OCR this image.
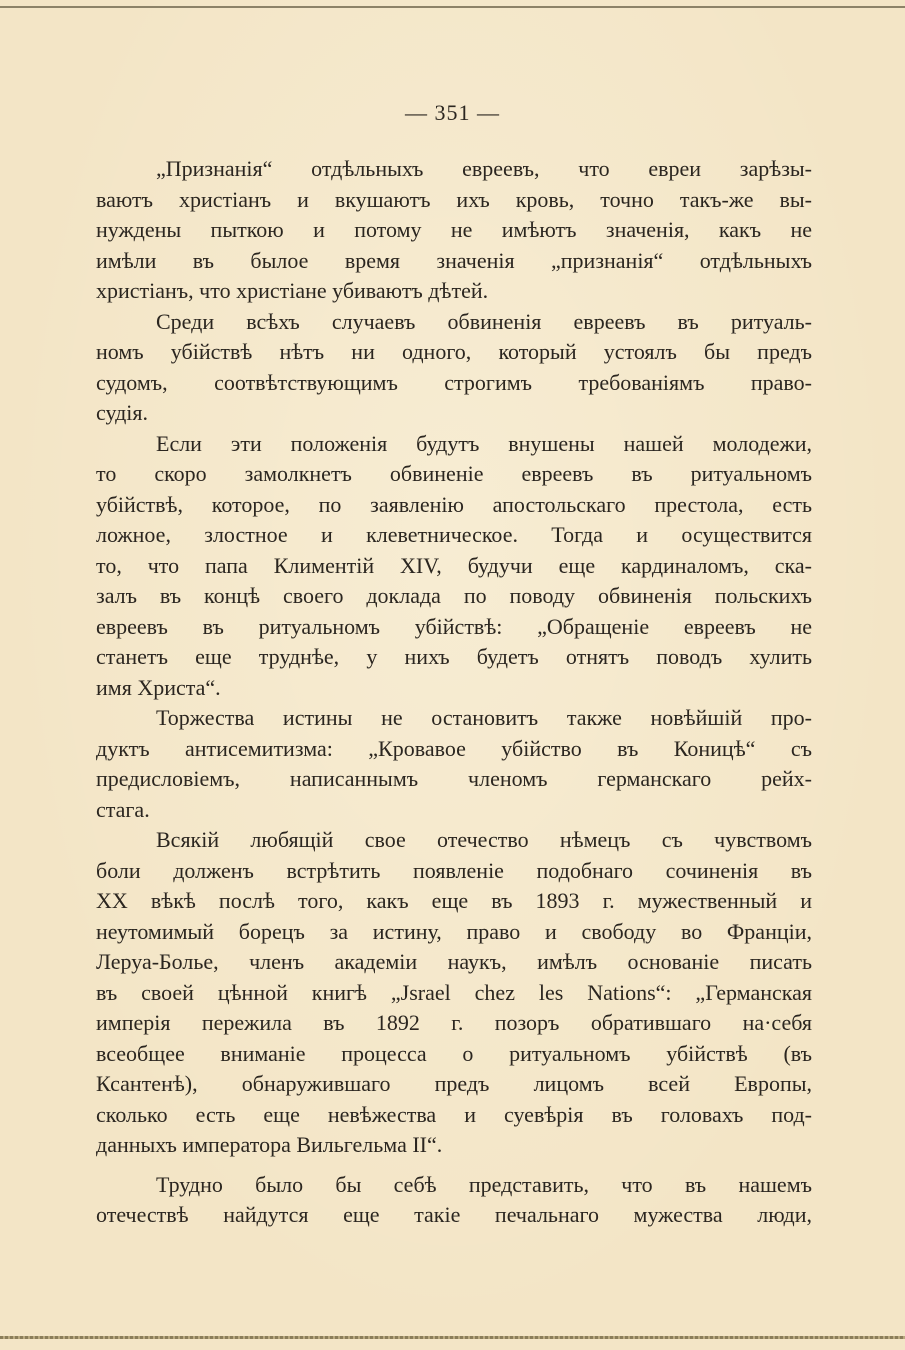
— 351 —
„Признанія“ отдѣльныхъ евреевъ, что евреи зарѣзы-
ваютъ христіанъ и вкушаютъ ихъ кровь, точно такъ-же вы-
нуждены пыткою и потому не имѣютъ значенія, какъ не
имѣли въ былое время значенія „признанія“ отдѣльныхъ
христіанъ, что христіане убиваютъ дѣтей.
Среди всѣхъ случаевъ обвиненія евреевъ въ ритуаль-
номъ убійствѣ нѣтъ ни одного, который устоялъ бы предъ
судомъ, соотвѣтствующимъ строгимъ требованіямъ право-
судія.
Если эти положенія будутъ внушены нашей молодежи,
то скоро замолкнетъ обвиненіе евреевъ въ ритуальномъ
убійствѣ, которое, по заявленію апостольскаго престола, есть
ложное, злостное и клеветническое. Тогда и осуществится
то, что папа Климентій XIV, будучи еще кардиналомъ, ска-
залъ въ концѣ своего доклада по поводу обвиненія польскихъ
евреевъ въ ритуальномъ убійствѣ: „Обращеніе евреевъ не
станетъ еще труднѣе, у нихъ будетъ отнятъ поводъ хулить
имя Христа“.
Торжества истины не остановитъ также новѣйшій про-
дуктъ антисемитизма: „Кровавое убійство въ Коницѣ“ съ
предисловіемъ, написаннымъ членомъ германскаго рейх-
стага.
Всякій любящій свое отечество нѣмецъ съ чувствомъ
боли долженъ встрѣтить появленіе подобнаго сочиненія въ
XX вѣкѣ послѣ того, какъ еще въ 1893 г. мужественный и
неутомимый борецъ за истину, право и свободу во Франціи,
Леруа-Болье, членъ академіи наукъ, имѣлъ основаніе писать
въ своей цѣнной книгѣ „Jsrael chez les Nations“: „Германская
имперія пережила въ 1892 г. позоръ обратившаго на·себя
всеобщее вниманіе процесса о ритуальномъ убійствѣ (въ
Ксантенѣ), обнаружившаго предъ лицомъ всей Европы,
сколько есть еще невѣжества и суевѣрія въ головахъ под-
данныхъ императора Вильгельма II“.
Трудно было бы себѣ представить, что въ нашемъ
отечествѣ найдутся еще такіе печальнаго мужества люди,
